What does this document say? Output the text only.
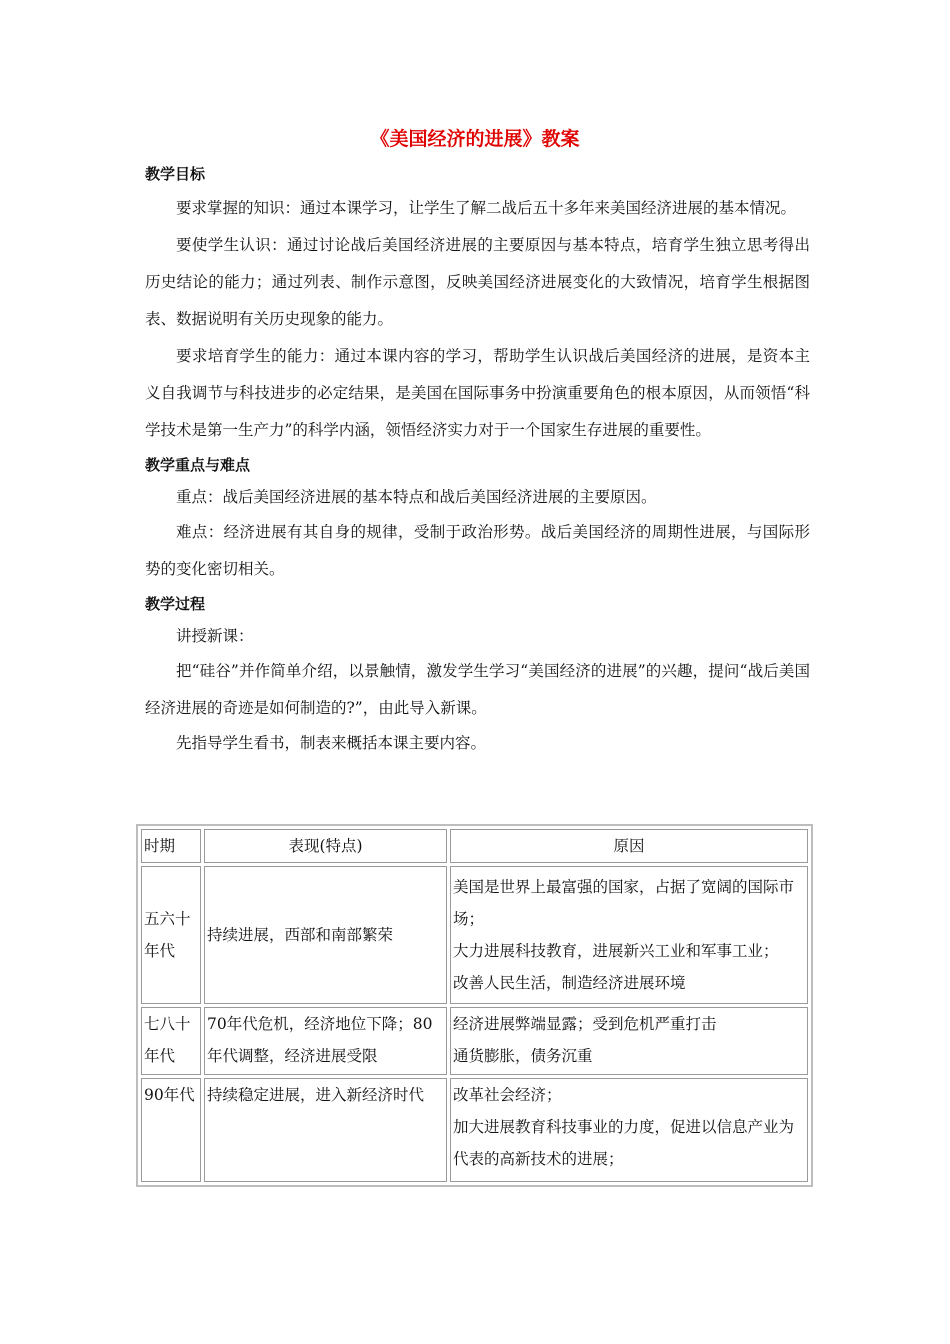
《美国经济的进展》教案

教学目标

要求掌握的知识：通过本课学习，让学生了解二战后五十多年来美国经济进展的基本情况。

要使学生认识：通过讨论战后美国经济进展的主要原因与基本特点，培育学生独立思考得出历史结论的能力；通过列表、制作示意图，反映美国经济进展变化的大致情况，培育学生根据图表、数据说明有关历史现象的能力。

要求培育学生的能力：通过本课内容的学习，帮助学生认识战后美国经济的进展，是资本主义自我调节与科技进步的必定结果，是美国在国际事务中扮演重要角色的根本原因，从而领悟“科学技术是第一生产力”的科学内涵，领悟经济实力对于一个国家生存进展的重要性。

教学重点与难点

重点：战后美国经济进展的基本特点和战后美国经济进展的主要原因。

难点：经济进展有其自身的规律，受制于政治形势。战后美国经济的周期性进展，与国际形势的变化密切相关。

教学过程

讲授新课：

把“硅谷”并作简单介绍，以景触情，激发学生学习“美国经济的进展”的兴趣，提问“战后美国经济进展的奇迹是如何制造的?”，由此导入新课。

先指导学生看书，制表来概括本课主要内容。

时期	表现(特点)	原因
五六十年代	持续进展，西部和南部繁荣	美国是世界上最富强的国家，占据了宽阔的国际市场；
大力进展科技教育，进展新兴工业和军事工业；
改善人民生活，制造经济进展环境

七八十年代	70年代危机，经济地位下降；80年代调整，经济进展受限	经济进展弊端显露；受到危机严重打击
通货膨胀，债务沉重

90年代	持续稳定进展，进入新经济时代	改革社会经济；
加大进展教育科技事业的力度，促进以信息产业为代表的高新技术的进展；
